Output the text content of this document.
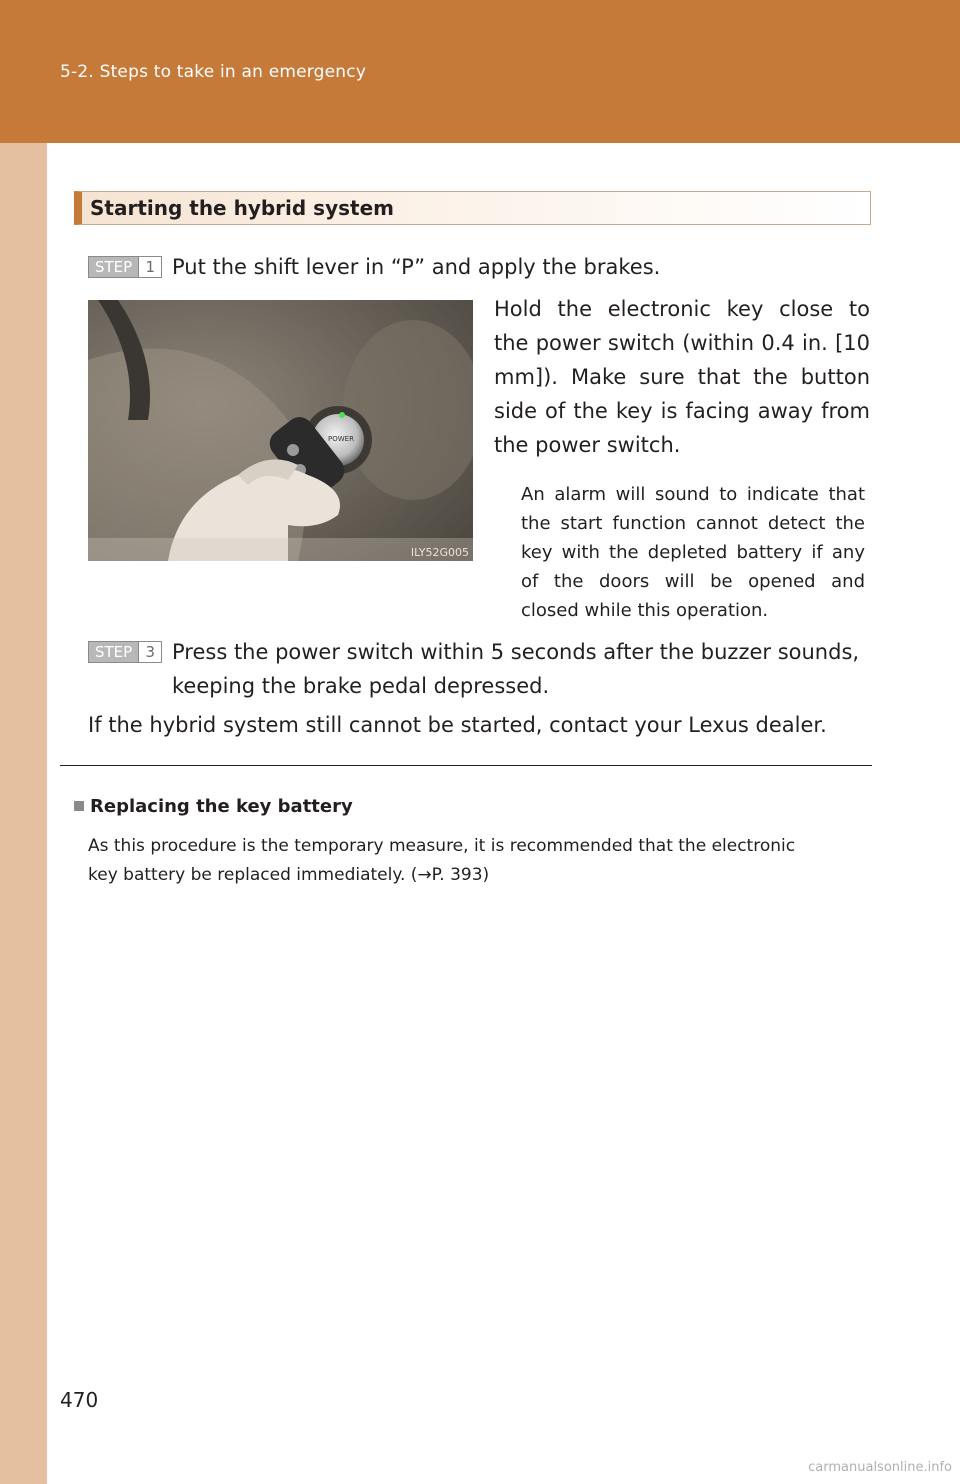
5-2. Steps to take in an emergency
Starting the hybrid system
STEP 1 Put the shift lever in “P” and apply the brakes.
POWER
ILY52G005
Hold the electronic key close to
the power switch (within 0.4 in. [10
mm]). Make sure that the button
side of the key is facing away from
the power switch.
An alarm will sound to indicate that
the start function cannot detect the
key with the depleted battery if any
of the doors will be opened and
closed while this operation.
STEP 3 Press the power switch within 5 seconds after the buzzer sounds,
keeping the brake pedal depressed.
If the hybrid system still cannot be started, contact your Lexus dealer.
Replacing the key battery
As this procedure is the temporary measure, it is recommended that the electronic
key battery be replaced immediately. (→P. 393)
470
carmanualsonline.info
